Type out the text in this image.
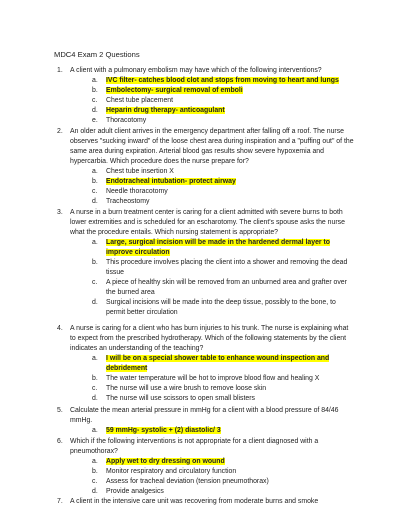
MDC4 Exam 2 Questions
1. A client with a pulmonary embolism may have which of the following interventions?
a. IVC filter- catches blood clot and stops from moving to heart and lungs
b. Embolectomy- surgical removal of emboli
c. Chest tube placement
d. Heparin drug therapy- anticoagulant
e. Thoracotomy
2. An older adult client arrives in the emergency department after falling off a roof. The nurse observes "sucking inward" of the loose chest area during inspiration and a "puffing out" of the same area during expiration. Arterial blood gas results show severe hypoxemia and hypercarbia. Which procedure does the nurse prepare for?
a. Chest tube insertion X
b. Endotracheal intubation- protect airway
c. Needle thoracotomy
d. Tracheostomy
3. A nurse in a burn treatment center is caring for a client admitted with severe burns to both lower extremities and is scheduled for an escharotomy. The client's spouse asks the nurse what the procedure entails. Which nursing statement is appropriate?
a. Large, surgical incision will be made in the hardened dermal layer to improve circulation
b. This procedure involves placing the client into a shower and removing the dead tissue
c. A piece of healthy skin will be removed from an unburned area and grafter over the burned area
d. Surgical incisions will be made into the deep tissue, possibly to the bone, to permit better circulation
4. A nurse is caring for a client who has burn injuries to his trunk. The nurse is explaining what to expect from the prescribed hydrotherapy. Which of the following statements by the client indicates an understanding of the teaching?
a. I will be on a special shower table to enhance wound inspection and debridement
b. The water temperature will be hot to improve blood flow and healing X
c. The nurse will use a wire brush to remove loose skin
d. The nurse will use scissors to open small blisters
5. Calculate the mean arterial pressure in mmHg for a client with a blood pressure of 84/46 mmHg.
a. 59 mmHg- systolic + (2) diastolic/ 3
6. Which if the following interventions is not appropriate for a client diagnosed with a pneumothorax?
a. Apply wet to dry dressing on wound
b. Monitor respiratory and circulatory function
c. Assess for tracheal deviation (tension pneumothorax)
d. Provide analgesics
7. A client in the intensive care unit was recovering from moderate burns and smoke
